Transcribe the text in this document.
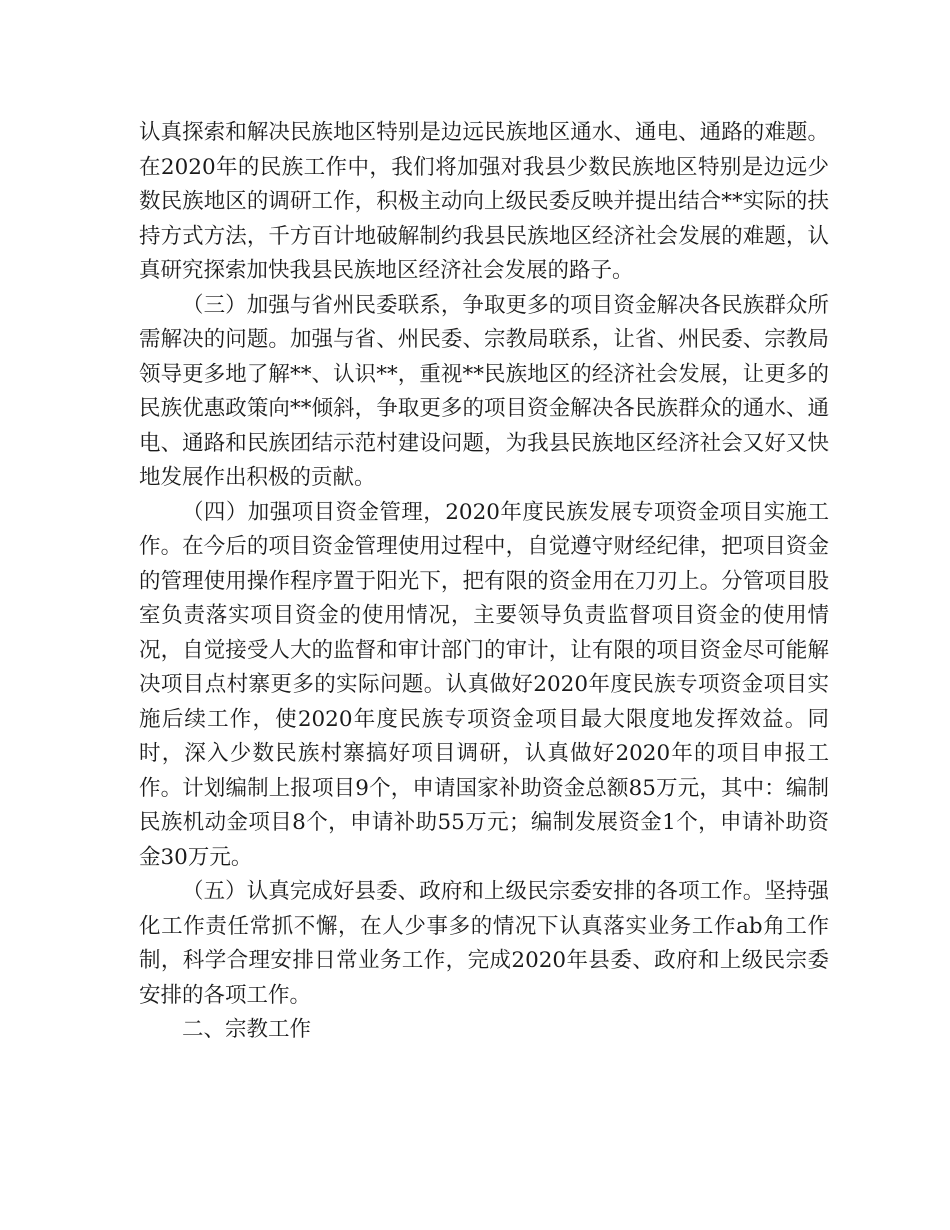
认真探索和解决民族地区特别是边远民族地区通水、通电、通路的难题。在2020年的民族工作中，我们将加强对我县少数民族地区特别是边远少数民族地区的调研工作，积极主动向上级民委反映并提出结合**实际的扶持方式方法，千方百计地破解制约我县民族地区经济社会发展的难题，认真研究探索加快我县民族地区经济社会发展的路子。

（三）加强与省州民委联系，争取更多的项目资金解决各民族群众所需解决的问题。加强与省、州民委、宗教局联系，让省、州民委、宗教局领导更多地了解**、认识**，重视**民族地区的经济社会发展，让更多的民族优惠政策向**倾斜，争取更多的项目资金解决各民族群众的通水、通电、通路和民族团结示范村建设问题，为我县民族地区经济社会又好又快地发展作出积极的贡献。

（四）加强项目资金管理，2020年度民族发展专项资金项目实施工作。在今后的项目资金管理使用过程中，自觉遵守财经纪律，把项目资金的管理使用操作程序置于阳光下，把有限的资金用在刀刃上。分管项目股室负责落实项目资金的使用情况，主要领导负责监督项目资金的使用情况，自觉接受人大的监督和审计部门的审计，让有限的项目资金尽可能解决项目点村寨更多的实际问题。认真做好2020年度民族专项资金项目实施后续工作，使2020年度民族专项资金项目最大限度地发挥效益。同时，深入少数民族村寨搞好项目调研，认真做好2020年的项目申报工作。计划编制上报项目9个，申请国家补助资金总额85万元，其中：编制民族机动金项目8个，申请补助55万元；编制发展资金1个，申请补助资金30万元。

（五）认真完成好县委、政府和上级民宗委安排的各项工作。坚持强化工作责任常抓不懈，在人少事多的情况下认真落实业务工作ab角工作制，科学合理安排日常业务工作，完成2020年县委、政府和上级民宗委安排的各项工作。

二、宗教工作
